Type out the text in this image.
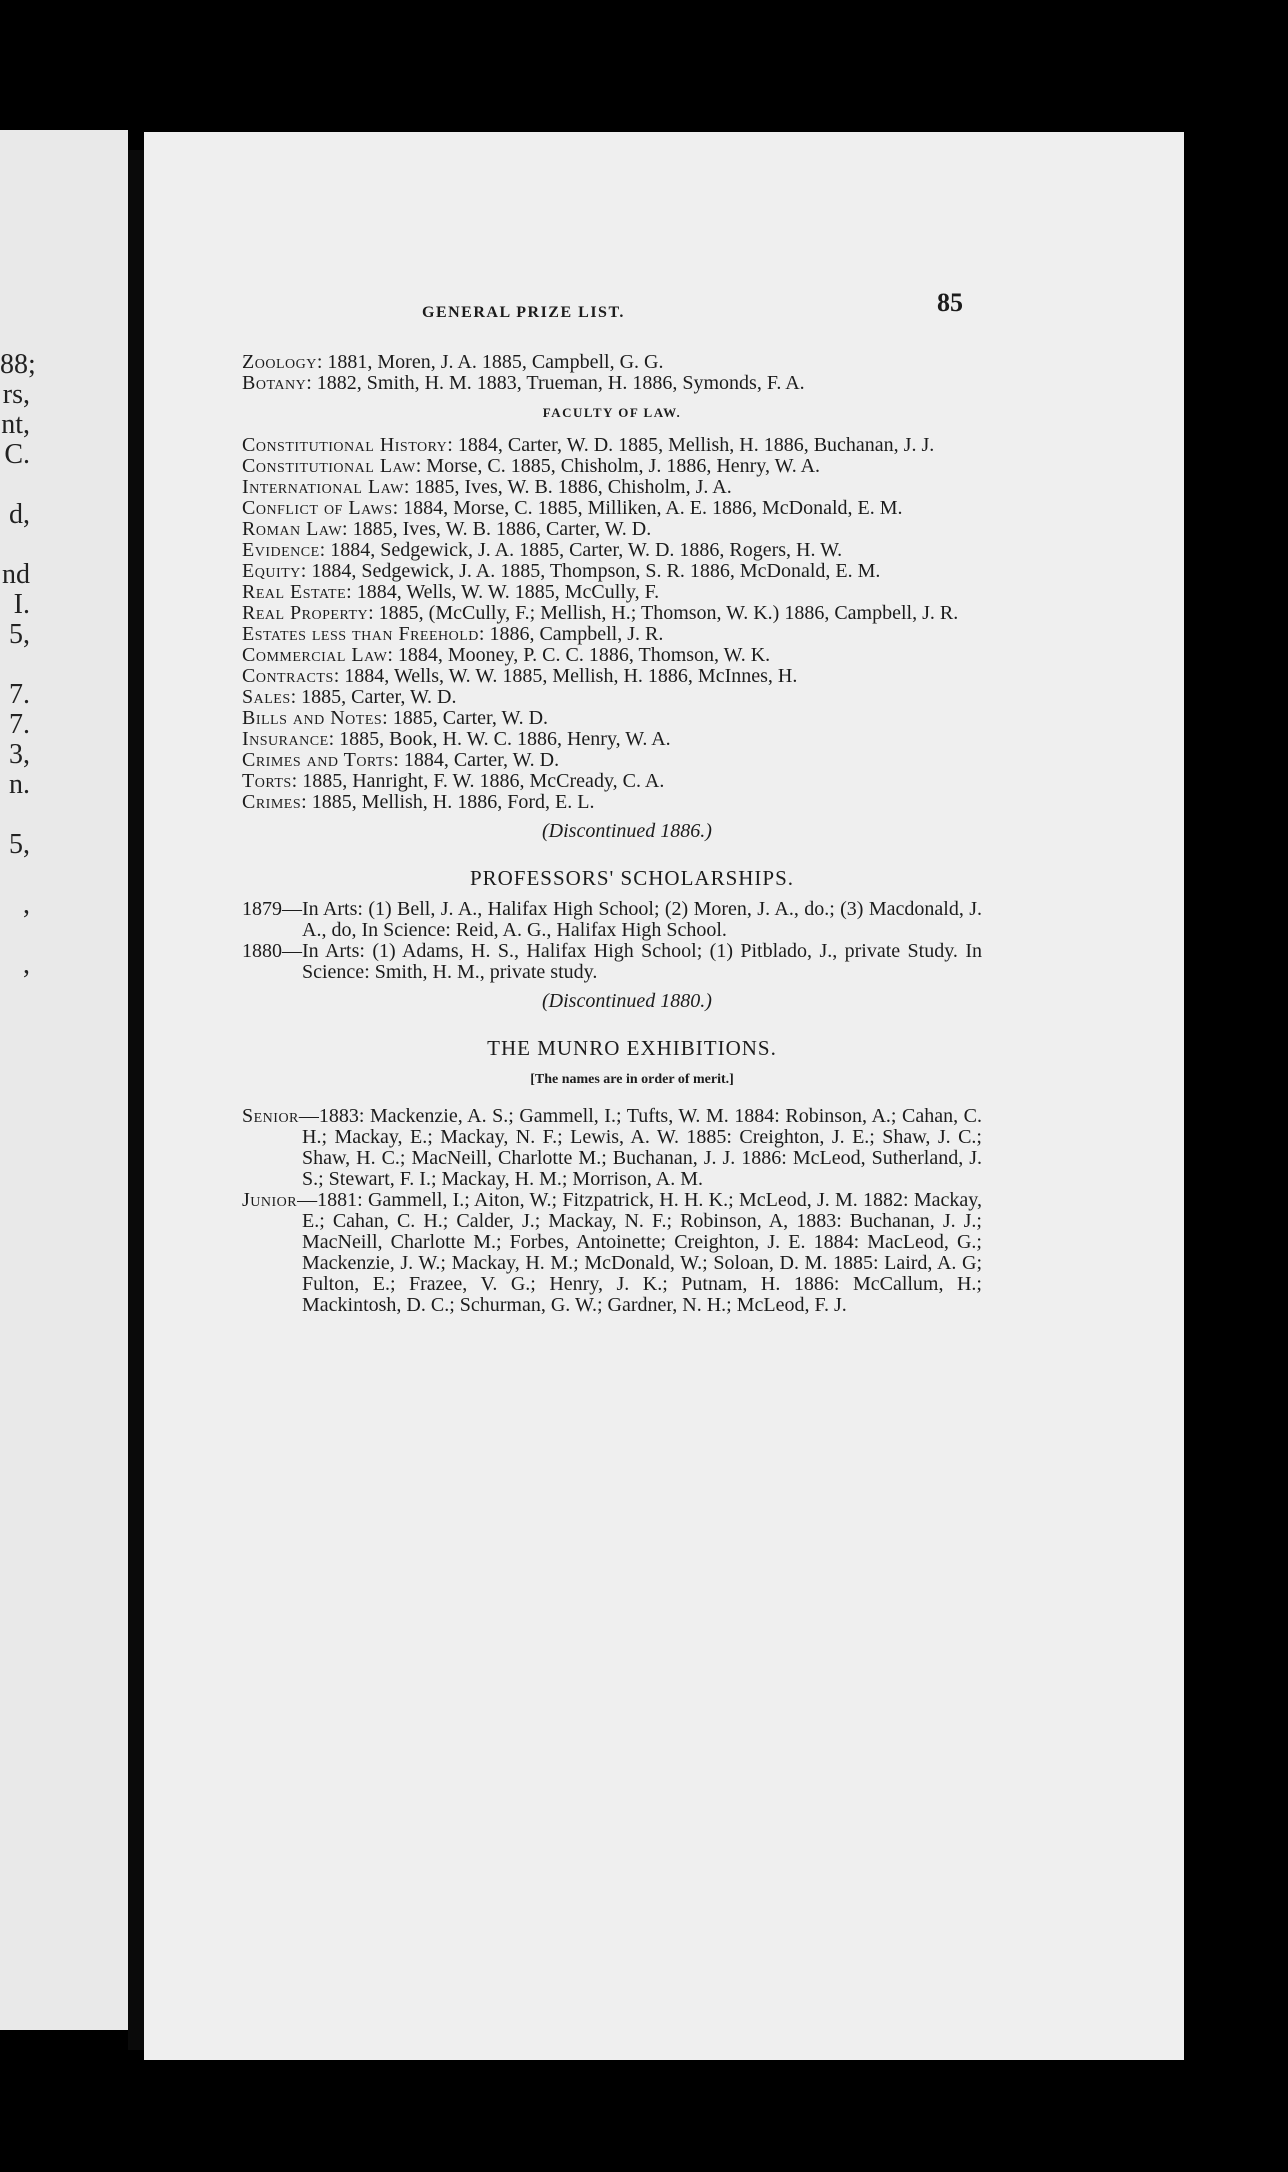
88;
rs,
nt,
C.
d,
nd
I.
5,
7.
7.
3,
n.
5,
,
,
GENERAL PRIZE LIST.	85

Zoology: 1881, Moren, J. A. 1885, Campbell, G. G.

Botany: 1882, Smith, H. M. 1883, Trueman, H. 1886, Symonds, F. A.

FACULTY OF LAW.

Constitutional History: 1884, Carter, W. D. 1885, Mellish, H. 1886, Buchanan, J. J.

Constitutional Law: Morse, C. 1885, Chisholm, J. 1886, Henry, W. A.

International Law: 1885, Ives, W. B. 1886, Chisholm, J. A.

Conflict of Laws: 1884, Morse, C. 1885, Milliken, A. E. 1886, McDonald, E. M.

Roman Law: 1885, Ives, W. B. 1886, Carter, W. D.

Evidence: 1884, Sedgewick, J. A. 1885, Carter, W. D. 1886, Rogers, H. W.

Equity: 1884, Sedgewick, J. A. 1885, Thompson, S. R. 1886, McDonald, E. M.

Real Estate: 1884, Wells, W. W. 1885, McCully, F.

Real Property: 1885, (McCully, F.; Mellish, H.; Thomson, W. K.) 1886, Campbell, J. R.

Estates less than Freehold: 1886, Campbell, J. R.

Commercial Law: 1884, Mooney, P. C. C. 1886, Thomson, W. K.

Contracts: 1884, Wells, W. W. 1885, Mellish, H. 1886, McInnes, H.

Sales: 1885, Carter, W. D.

Bills and Notes: 1885, Carter, W. D.

Insurance: 1885, Book, H. W. C. 1886, Henry, W. A.

Crimes and Torts: 1884, Carter, W. D.

Torts: 1885, Hanright, F. W. 1886, McCready, C. A.

Crimes: 1885, Mellish, H. 1886, Ford, E. L.

(Discontinued 1886.)
PROFESSORS' SCHOLARSHIPS.

1879—In Arts: (1) Bell, J. A., Halifax High School; (2) Moren, J. A., do.; (3) Macdonald, J. A., do, In Science: Reid, A. G., Halifax High School.

1880—In Arts: (1) Adams, H. S., Halifax High School; (1) Pitblado, J., private Study. In Science: Smith, H. M., private study.

(Discontinued 1880.)
THE MUNRO EXHIBITIONS.
[The names are in order of merit.]

Senior—1883: Mackenzie, A. S.; Gammell, I.; Tufts, W. M. 1884: Robinson, A.; Cahan, C. H.; Mackay, E.; Mackay, N. F.; Lewis, A. W. 1885: Creighton, J. E.; Shaw, J. C.; Shaw, H. C.; MacNeill, Charlotte M.; Buchanan, J. J. 1886: McLeod, Sutherland, J. S.; Stewart, F. I.; Mackay, H. M.; Morrison, A. M.

Junior—1881: Gammell, I.; Aiton, W.; Fitzpatrick, H. H. K.; McLeod, J. M. 1882: Mackay, E.; Cahan, C. H.; Calder, J.; Mackay, N. F.; Robinson, A, 1883: Buchanan, J. J.; MacNeill, Charlotte M.; Forbes, Antoinette; Creighton, J. E. 1884: MacLeod, G.; Mackenzie, J. W.; Mackay, H. M.; McDonald, W.; Soloan, D. M. 1885: Laird, A. G; Fulton, E.; Frazee, V. G.; Henry, J. K.; Putnam, H. 1886: McCallum, H.; Mackintosh, D. C.; Schurman, G. W.; Gardner, N. H.; McLeod, F. J.
